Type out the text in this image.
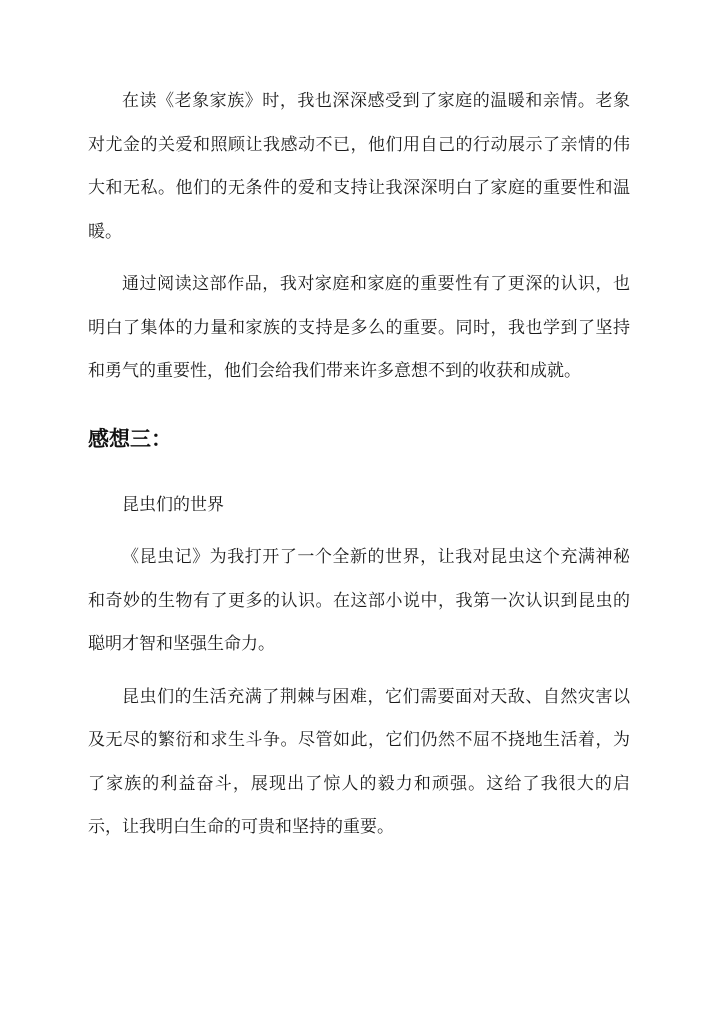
在读《老象家族》时，我也深深感受到了家庭的温暖和亲情。老象对尤金的关爱和照顾让我感动不已，他们用自己的行动展示了亲情的伟大和无私。他们的无条件的爱和支持让我深深明白了家庭的重要性和温暖。

通过阅读这部作品，我对家庭和家庭的重要性有了更深的认识，也明白了集体的力量和家族的支持是多么的重要。同时，我也学到了坚持和勇气的重要性，他们会给我们带来许多意想不到的收获和成就。

感想三：

昆虫们的世界

《昆虫记》为我打开了一个全新的世界，让我对昆虫这个充满神秘和奇妙的生物有了更多的认识。在这部小说中，我第一次认识到昆虫的聪明才智和坚强生命力。

昆虫们的生活充满了荆棘与困难，它们需要面对天敌、自然灾害以及无尽的繁衍和求生斗争。尽管如此，它们仍然不屈不挠地生活着，为了家族的利益奋斗，展现出了惊人的毅力和顽强。这给了我很大的启示，让我明白生命的可贵和坚持的重要。
